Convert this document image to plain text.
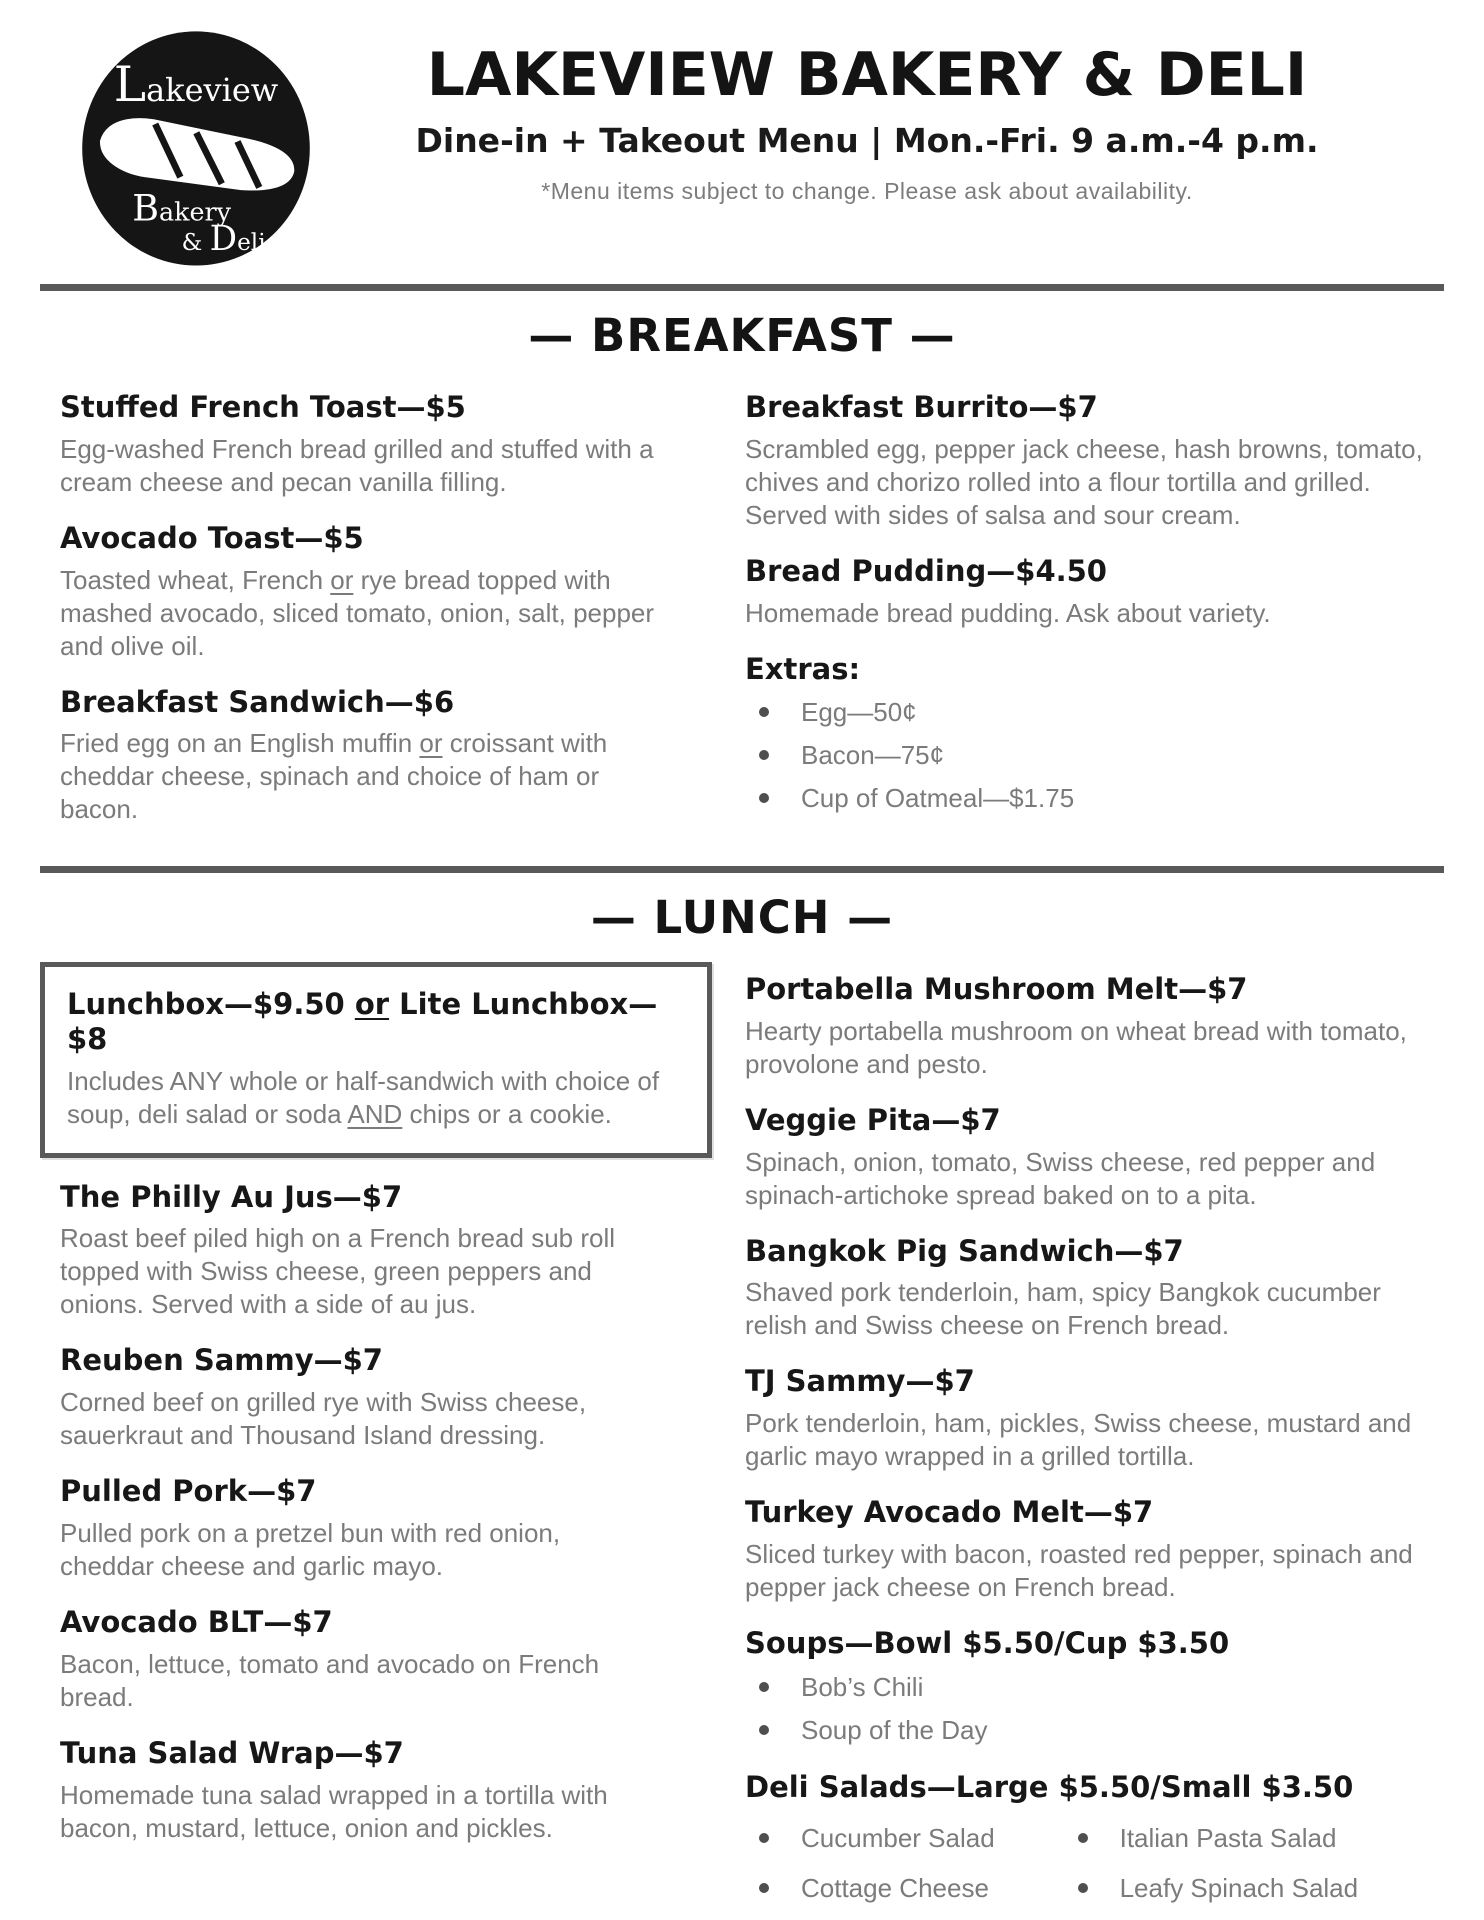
Lakeview
Bakery
& Deli
LAKEVIEW BAKERY & DELI
Dine-in + Takeout Menu | Mon.-Fri. 9 a.m.-4 p.m.
*Menu items subject to change. Please ask about availability.
— BREAKFAST —
Stuffed French Toast—$5
Egg-washed French bread grilled and stuffed with a cream cheese and pecan vanilla filling.
Avocado Toast—$5
Toasted wheat, French or rye bread topped with mashed avocado, sliced tomato, onion, salt, pepper and olive oil.
Breakfast Sandwich—$6
Fried egg on an English muffin or croissant with cheddar cheese, spinach and choice of ham or bacon.
Breakfast Burrito—$7
Scrambled egg, pepper jack cheese, hash browns, tomato, chives and chorizo rolled into a flour tortilla and grilled. Served with sides of salsa and sour cream.
Bread Pudding—$4.50
Homemade bread pudding. Ask about variety.
Extras:
Egg—50¢
Bacon—75¢
Cup of Oatmeal—$1.75
— LUNCH —
Lunchbox—$9.50 or Lite Lunchbox—$8
Includes ANY whole or half-sandwich with choice of soup, deli salad or soda AND chips or a cookie.
The Philly Au Jus—$7
Roast beef piled high on a French bread sub roll topped with Swiss cheese, green peppers and onions. Served with a side of au jus.
Reuben Sammy—$7
Corned beef on grilled rye with Swiss cheese, sauerkraut and Thousand Island dressing.
Pulled Pork—$7
Pulled pork on a pretzel bun with red onion, cheddar cheese and garlic mayo.
Avocado BLT—$7
Bacon, lettuce, tomato and avocado on French bread.
Tuna Salad Wrap—$7
Homemade tuna salad wrapped in a tortilla with bacon, mustard, lettuce, onion and pickles.
Portabella Mushroom Melt—$7
Hearty portabella mushroom on wheat bread with tomato, provolone and pesto.
Veggie Pita—$7
Spinach, onion, tomato, Swiss cheese, red pepper and spinach-artichoke spread baked on to a pita.
Bangkok Pig Sandwich—$7
Shaved pork tenderloin, ham, spicy Bangkok cucumber relish and Swiss cheese on French bread.
TJ Sammy—$7
Pork tenderloin, ham, pickles, Swiss cheese, mustard and garlic mayo wrapped in a grilled tortilla.
Turkey Avocado Melt—$7
Sliced turkey with bacon, roasted red pepper, spinach and pepper jack cheese on French bread.
Soups—Bowl $5.50/Cup $3.50
Bob’s Chili
Soup of the Day
Deli Salads—Large $5.50/Small $3.50
Cucumber Salad	Italian Pasta Salad
Cottage Cheese	Leafy Spinach Salad
